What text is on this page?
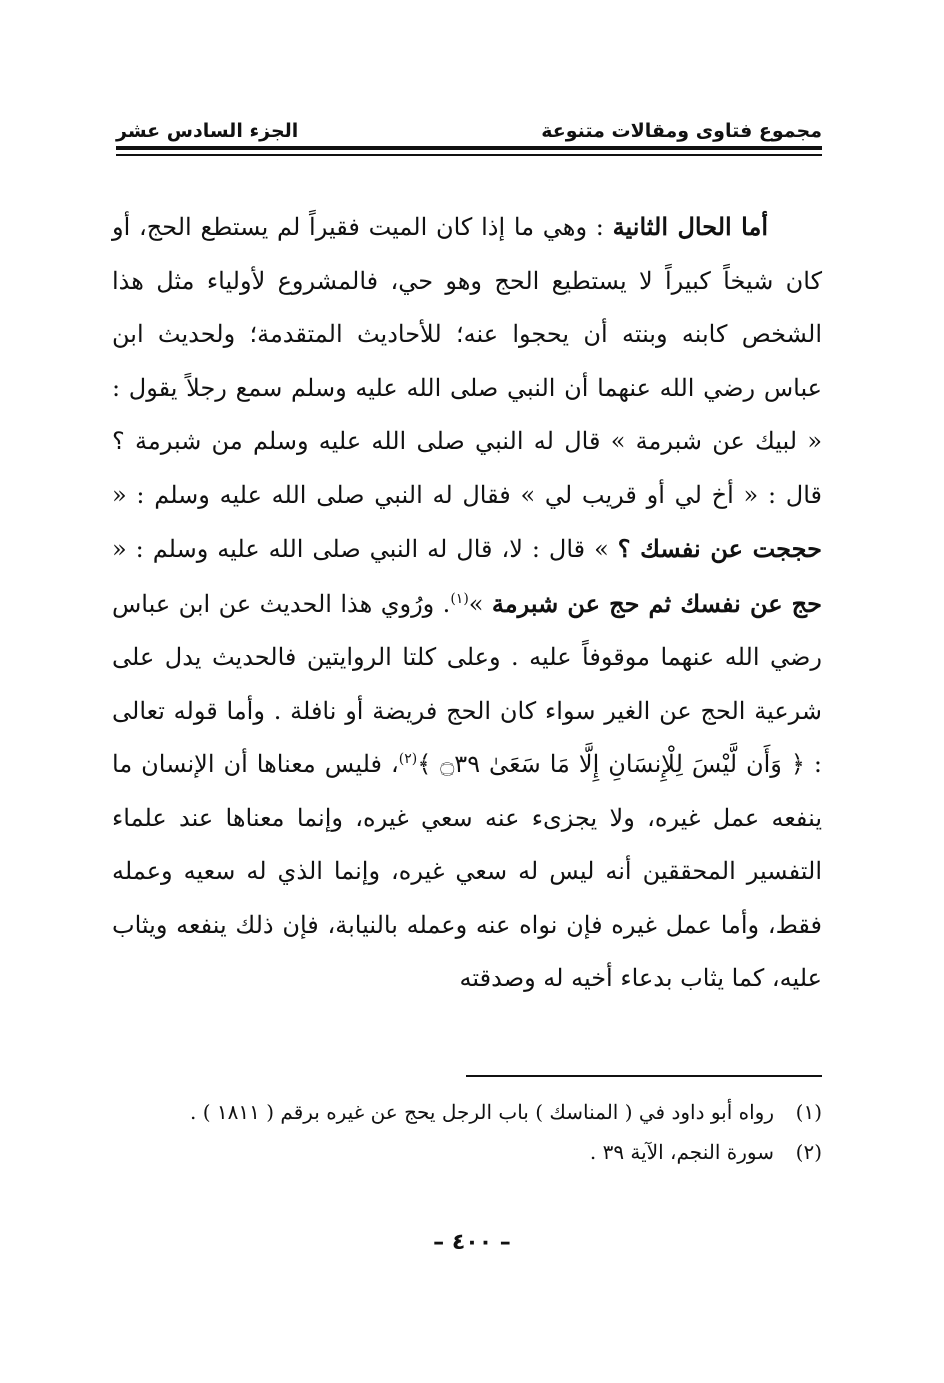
مجموع فتاوى ومقالات متنوعة
الجزء السادس عشر

أما الحال الثانية : وهي ما إذا كان الميت فقيراً لم يستطع الحج، أو كان شيخاً كبيراً لا يستطيع الحج وهو حي، فالمشروع لأولياء مثل هذا الشخص كابنه وبنته أن يحجوا عنه؛ للأحاديث المتقدمة؛ ولحديث ابن عباس رضي الله عنهما أن النبي صلى الله عليه وسلم سمع رجلاً يقول : « لبيك عن شبرمة » قال له النبي صلى الله عليه وسلم من شبرمة ؟ قال : « أخ لي أو قريب لي » فقال له النبي صلى الله عليه وسلم : « حججت عن نفسك ؟ » قال : لا، قال له النبي صلى الله عليه وسلم : « حج عن نفسك ثم حج عن شبرمة »$^{(١)}$. ورُوي هذا الحديث عن ابن عباس رضي الله عنهما موقوفاً عليه . وعلى كلتا الروايتين فالحديث يدل على شرعية الحج عن الغير سواء كان الحج فريضة أو نافلة . وأما قوله تعالى : ﴿ وَأَن لَّيْسَ لِلْإِنسَانِ إِلَّا مَا سَعَىٰ ۝٣٩ ﴾$^{(٢)}$، فليس معناها أن الإنسان ما ينفعه عمل غيره، ولا يجزىء عنه سعي غيره، وإنما معناها عند علماء التفسير المحققين أنه ليس له سعي غيره، وإنما الذي له سعيه وعمله فقط، وأما عمل غيره فإن نواه عنه وعمله بالنيابة، فإن ذلك ينفعه ويثاب عليه، كما يثاب بدعاء أخيه له وصدقته

(١)
رواه أبو داود في ( المناسك ) باب الرجل يحج عن غيره برقم ( ١٨١١ ) .
(٢)
سورة النجم، الآية ٣٩ .
– ٤٠٠ –
